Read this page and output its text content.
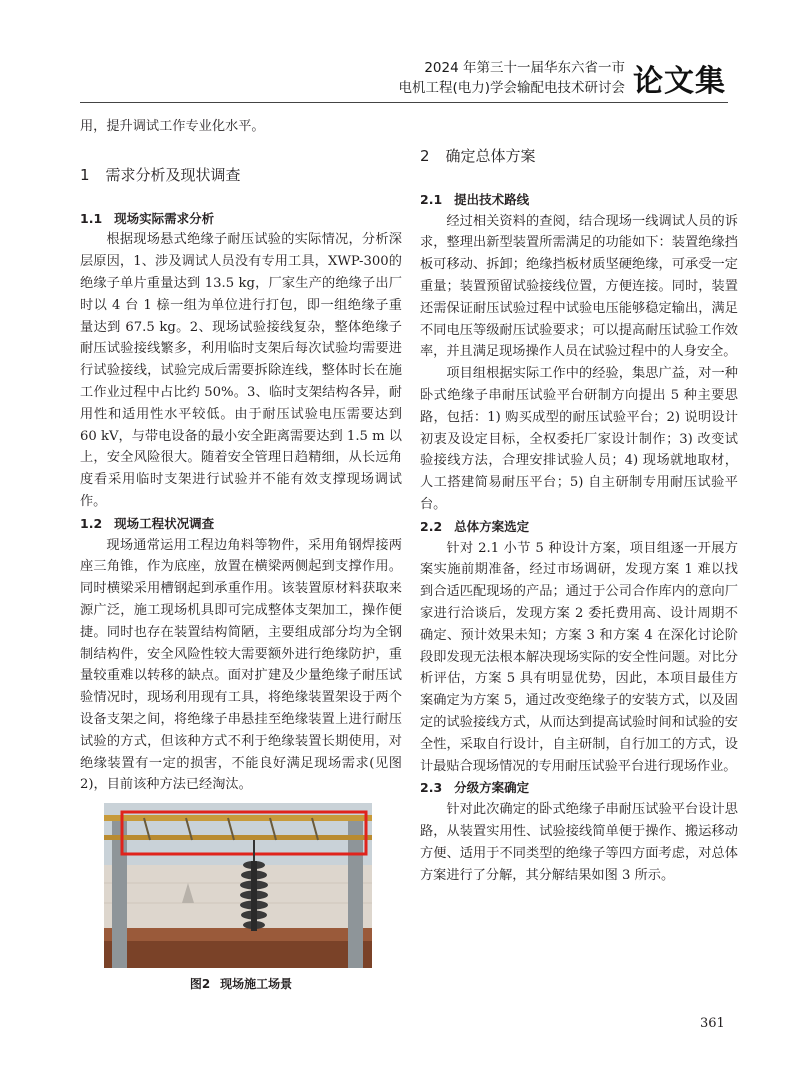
2024 年第三十一届华东六省一市
电机工程(电力)学会输配电技术研讨会 论文集

用，提升调试工作专业化水平。

1 需求分析及现状调查
1.1 现场实际需求分析

根据现场悬式绝缘子耐压试验的实际情况，分析深层原因，1、涉及调试人员没有专用工具，XWP-300的绝缘子单片重量达到 13.5 kg，厂家生产的绝缘子出厂时以 4 台 1 榇一组为单位进行打包，即一组绝缘子重量达到 67.5 kg。2、现场试验接线复杂，整体绝缘子耐压试验接线繁多，利用临时支架后每次试验均需要进行试验接线，试验完成后需要拆除连线，整体时长在施工作业过程中占比约 50%。3、临时支架结构各异，耐用性和适用性水平较低。由于耐压试验电压需要达到 60 kV，与带电设备的最小安全距离需要达到 1.5 m 以上，安全风险很大。随着安全管理日趋精细，从长远角度看采用临时支架进行试验并不能有效支撑现场调试作。

1.2 现场工程状况调查

现场通常运用工程边角料等物件，采用角钢焊接两座三角锥，作为底座，放置在横梁两侧起到支撑作用。同时横梁采用槽钢起到承重作用。该装置原材料获取来源广泛，施工现场机具即可完成整体支架加工，操作便捷。同时也存在装置结构简陋，主要组成部分均为全钢制结构件，安全风险性较大需要额外进行绝缘防护，重量较重难以转移的缺点。面对扩建及少量绝缘子耐压试验情况时，现场利用现有工具，将绝缘装置架设于两个设备支架之间，将绝缘子串悬挂至绝缘装置上进行耐压试验的方式，但该种方式不利于绝缘装置长期使用，对绝缘装置有一定的损害，不能良好满足现场需求(见图2)，目前该种方法已经淘汰。

图2 现场施工场景
2 确定总体方案
2.1 提出技术路线

经过相关资料的查阅，结合现场一线调试人员的诉求，整理出新型装置所需满足的功能如下：装置绝缘挡板可移动、拆卸；绝缘挡板材质坚硬绝缘，可承受一定重量；装置预留试验接线位置，方便连接。同时，装置还需保证耐压试验过程中试验电压能够稳定输出，满足不同电压等级耐压试验要求；可以提高耐压试验工作效率，并且满足现场操作人员在试验过程中的人身安全。

项目组根据实际工作中的经验，集思广益，对一种卧式绝缘子串耐压试验平台研制方向提出 5 种主要思路，包括：1) 购买成型的耐压试验平台；2) 说明设计初衷及设定目标，全权委托厂家设计制作；3) 改变试验接线方法，合理安排试验人员；4) 现场就地取材，人工搭建简易耐压平台；5) 自主研制专用耐压试验平台。

2.2 总体方案选定

针对 2.1 小节 5 种设计方案，项目组逐一开展方案实施前期准备，经过市场调研，发现方案 1 难以找到合适匹配现场的产品；通过于公司合作库内的意向厂家进行洽谈后，发现方案 2 委托费用高、设计周期不确定、预计效果未知；方案 3 和方案 4 在深化讨论阶段即发现无法根本解决现场实际的安全性问题。对比分析评估，方案 5 具有明显优势，因此，本项目最佳方案确定为方案 5，通过改变绝缘子的安装方式，以及固定的试验接线方式，从而达到提高试验时间和试验的安全性，采取自行设计，自主研制，自行加工的方式，设计最贴合现场情况的专用耐压试验平台进行现场作业。

2.3 分级方案确定

针对此次确定的卧式绝缘子串耐压试验平台设计思路，从装置实用性、试验接线简单便于操作、搬运移动方便、适用于不同类型的绝缘子等四方面考虑，对总体方案进行了分解，其分解结果如图 3 所示。

361
